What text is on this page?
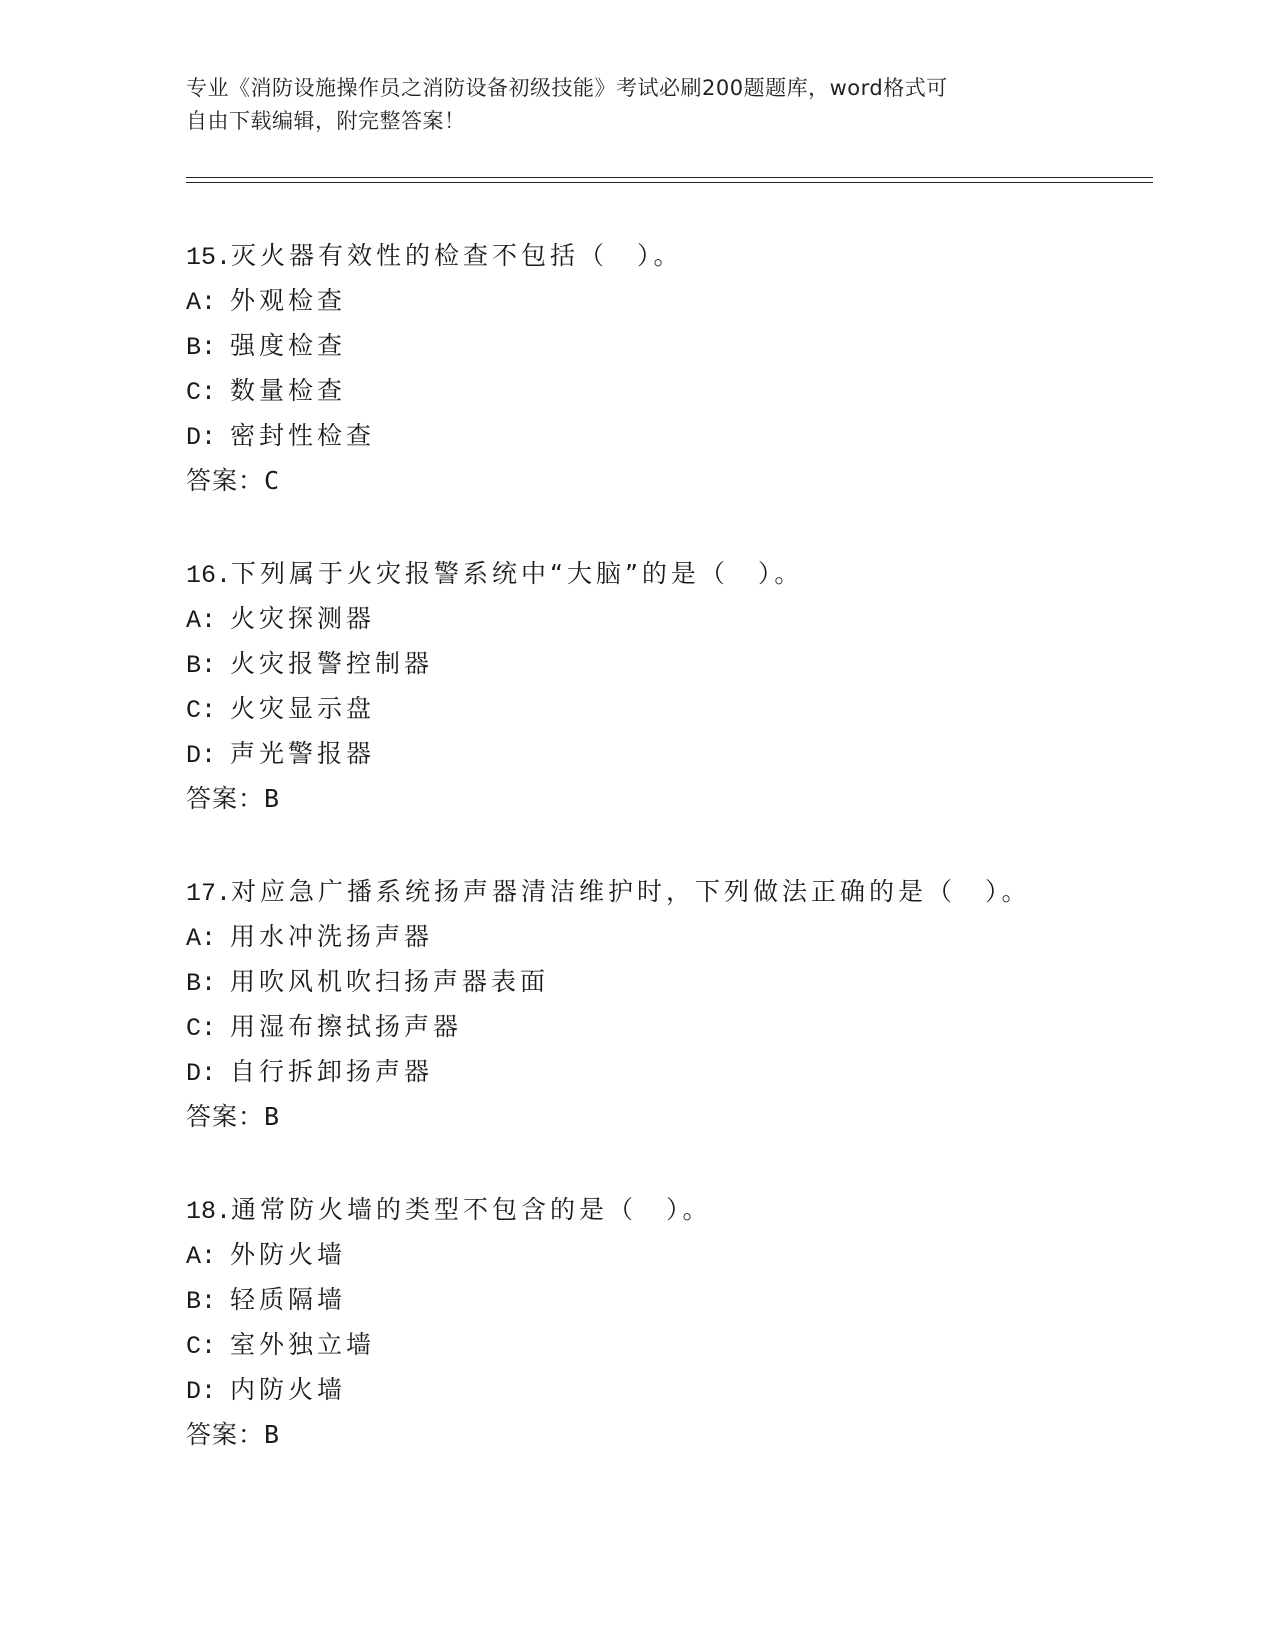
专业《消防设施操作员之消防设备初级技能》考试必刷200题题库，word格式可
自由下载编辑，附完整答案！
15.灭火器有效性的检查不包括（　）。
A: 外观检查
B: 强度检查
C: 数量检查
D: 密封性检查
答案：C
16.下列属于火灾报警系统中“大脑”的是（　）。
A: 火灾探测器
B: 火灾报警控制器
C: 火灾显示盘
D: 声光警报器
答案：B
17.对应急广播系统扬声器清洁维护时，下列做法正确的是（　）。
A: 用水冲洗扬声器
B: 用吹风机吹扫扬声器表面
C: 用湿布擦拭扬声器
D: 自行拆卸扬声器
答案：B
18.通常防火墙的类型不包含的是（　）。
A: 外防火墙
B: 轻质隔墙
C: 室外独立墙
D: 内防火墙
答案：B
